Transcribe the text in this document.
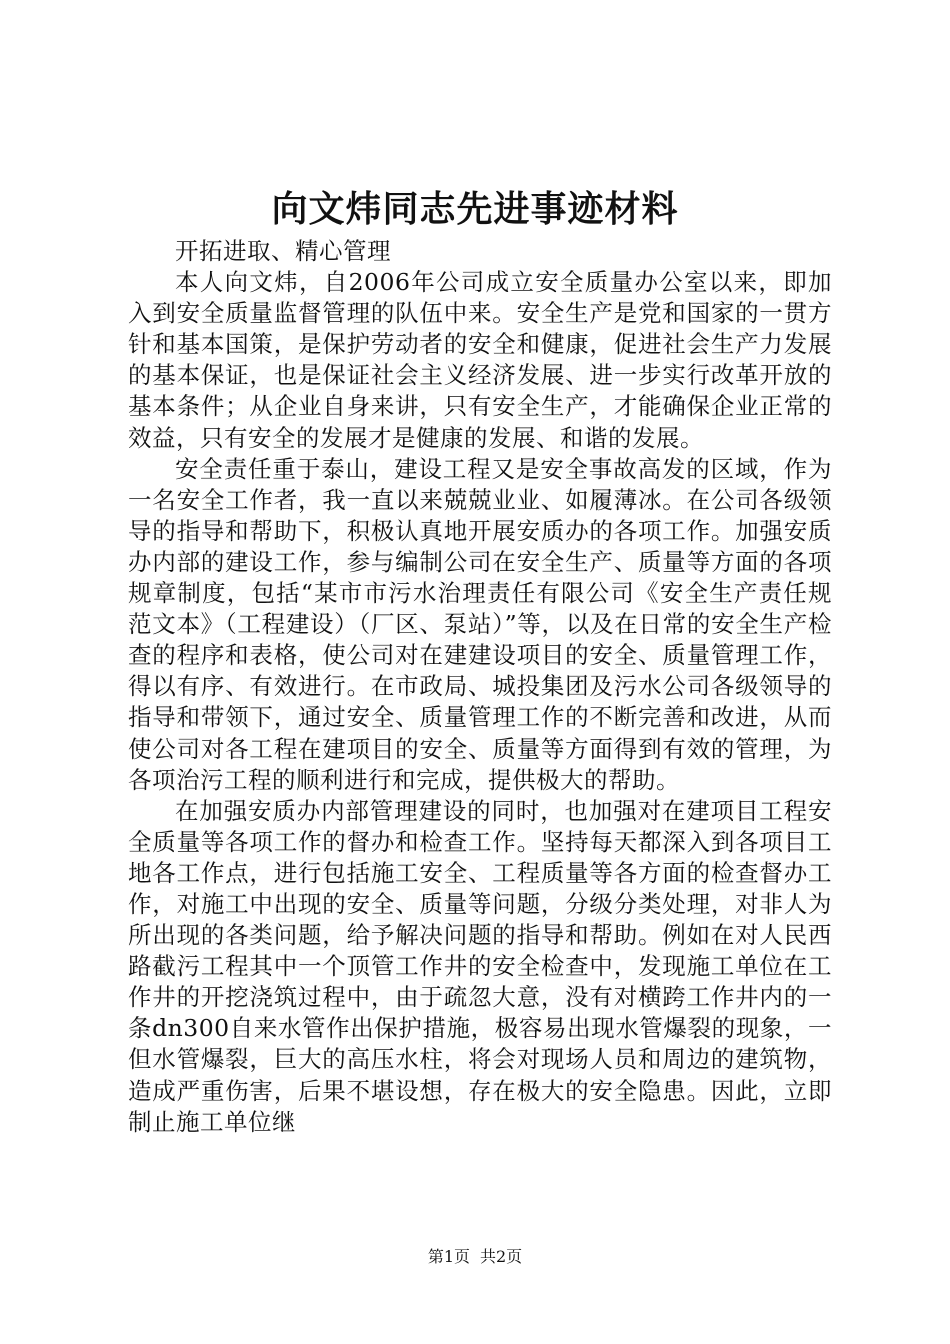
向文炜同志先进事迹材料

开拓进取、精心管理

本人向文炜，自2006年公司成立安全质量办公室以来，即加入到安全质量监督管理的队伍中来。安全生产是党和国家的一贯方针和基本国策，是保护劳动者的安全和健康，促进社会生产力发展的基本保证，也是保证社会主义经济发展、进一步实行改革开放的基本条件；从企业自身来讲，只有安全生产，才能确保企业正常的效益，只有安全的发展才是健康的发展、和谐的发展。

安全责任重于泰山，建设工程又是安全事故高发的区域，作为一名安全工作者，我一直以来兢兢业业、如履薄冰。在公司各级领导的指导和帮助下，积极认真地开展安质办的各项工作。加强安质办内部的建设工作，参与编制公司在安全生产、质量等方面的各项规章制度，包括“某市市污水治理责任有限公司《安全生产责任规范文本》（工程建设）（厂区、泵站）”等，以及在日常的安全生产检查的程序和表格，使公司对在建建设项目的安全、质量管理工作，得以有序、有效进行。在市政局、城投集团及污水公司各级领导的指导和带领下，通过安全、质量管理工作的不断完善和改进，从而使公司对各工程在建项目的安全、质量等方面得到有效的管理，为各项治污工程的顺利进行和完成，提供极大的帮助。

在加强安质办内部管理建设的同时，也加强对在建项目工程安全质量等各项工作的督办和检查工作。坚持每天都深入到各项目工地各工作点，进行包括施工安全、工程质量等各方面的检查督办工作，对施工中出现的安全、质量等问题，分级分类处理，对非人为所出现的各类问题，给予解决问题的指导和帮助。例如在对人民西路截污工程其中一个顶管工作井的安全检查中，发现施工单位在工作井的开挖浇筑过程中，由于疏忽大意，没有对横跨工作井内的一条dn300自来水管作出保护措施，极容易出现水管爆裂的现象，一但水管爆裂，巨大的高压水柱，将会对现场人员和周边的建筑物，造成严重伤害，后果不堪设想，存在极大的安全隐患。因此，立即制止施工单位继

第1页 共2页
